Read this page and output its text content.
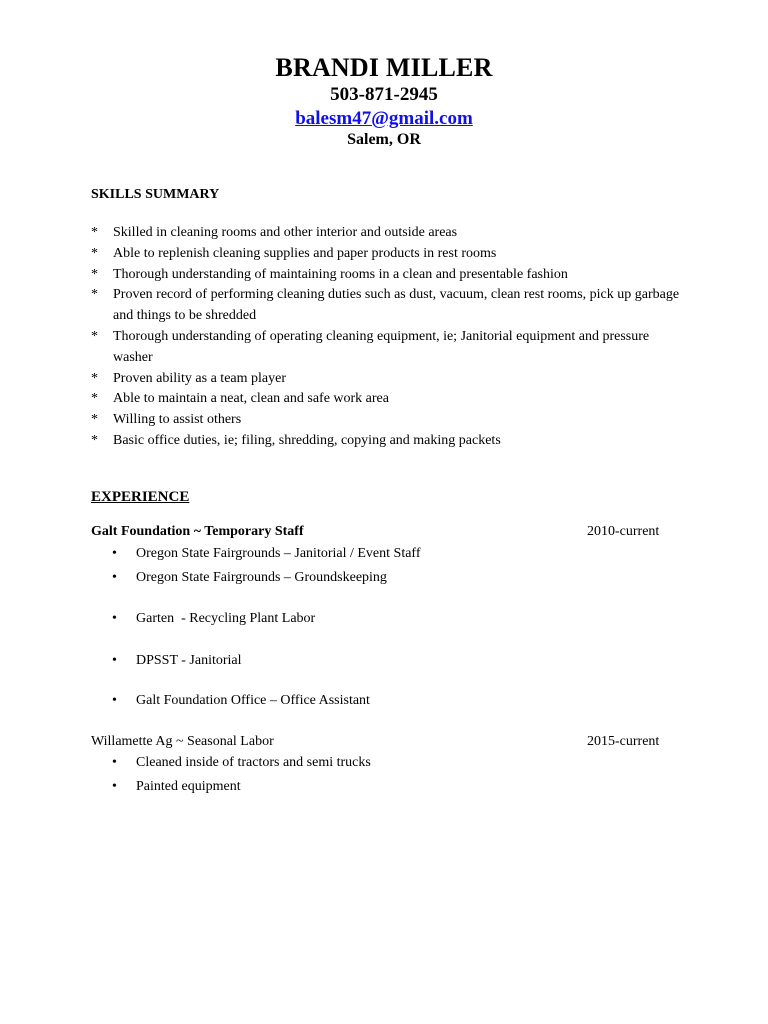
BRANDI MILLER
503-871-2945
balesm47@gmail.com
Salem, OR
SKILLS SUMMARY
* Skilled in cleaning rooms and other interior and outside areas
* Able to replenish cleaning supplies and paper products in rest rooms
* Thorough understanding of maintaining rooms in a clean and presentable fashion
* Proven record of performing cleaning duties such as dust, vacuum, clean rest rooms, pick up garbage and things to be shredded
* Thorough understanding of operating cleaning equipment, ie; Janitorial equipment and pressure washer
* Proven ability as a team player
* Able to maintain a neat, clean and safe work area
* Willing to assist others
* Basic office duties, ie; filing, shredding, copying and making packets
EXPERIENCE
Galt Foundation ~ Temporary Staff	2010-current
• Oregon State Fairgrounds – Janitorial / Event Staff
• Oregon State Fairgrounds – Groundskeeping
• Garten  - Recycling Plant Labor
• DPSST - Janitorial
• Galt Foundation Office – Office Assistant
Willamette Ag ~ Seasonal Labor	2015-current
• Cleaned inside of tractors and semi trucks
• Painted equipment
